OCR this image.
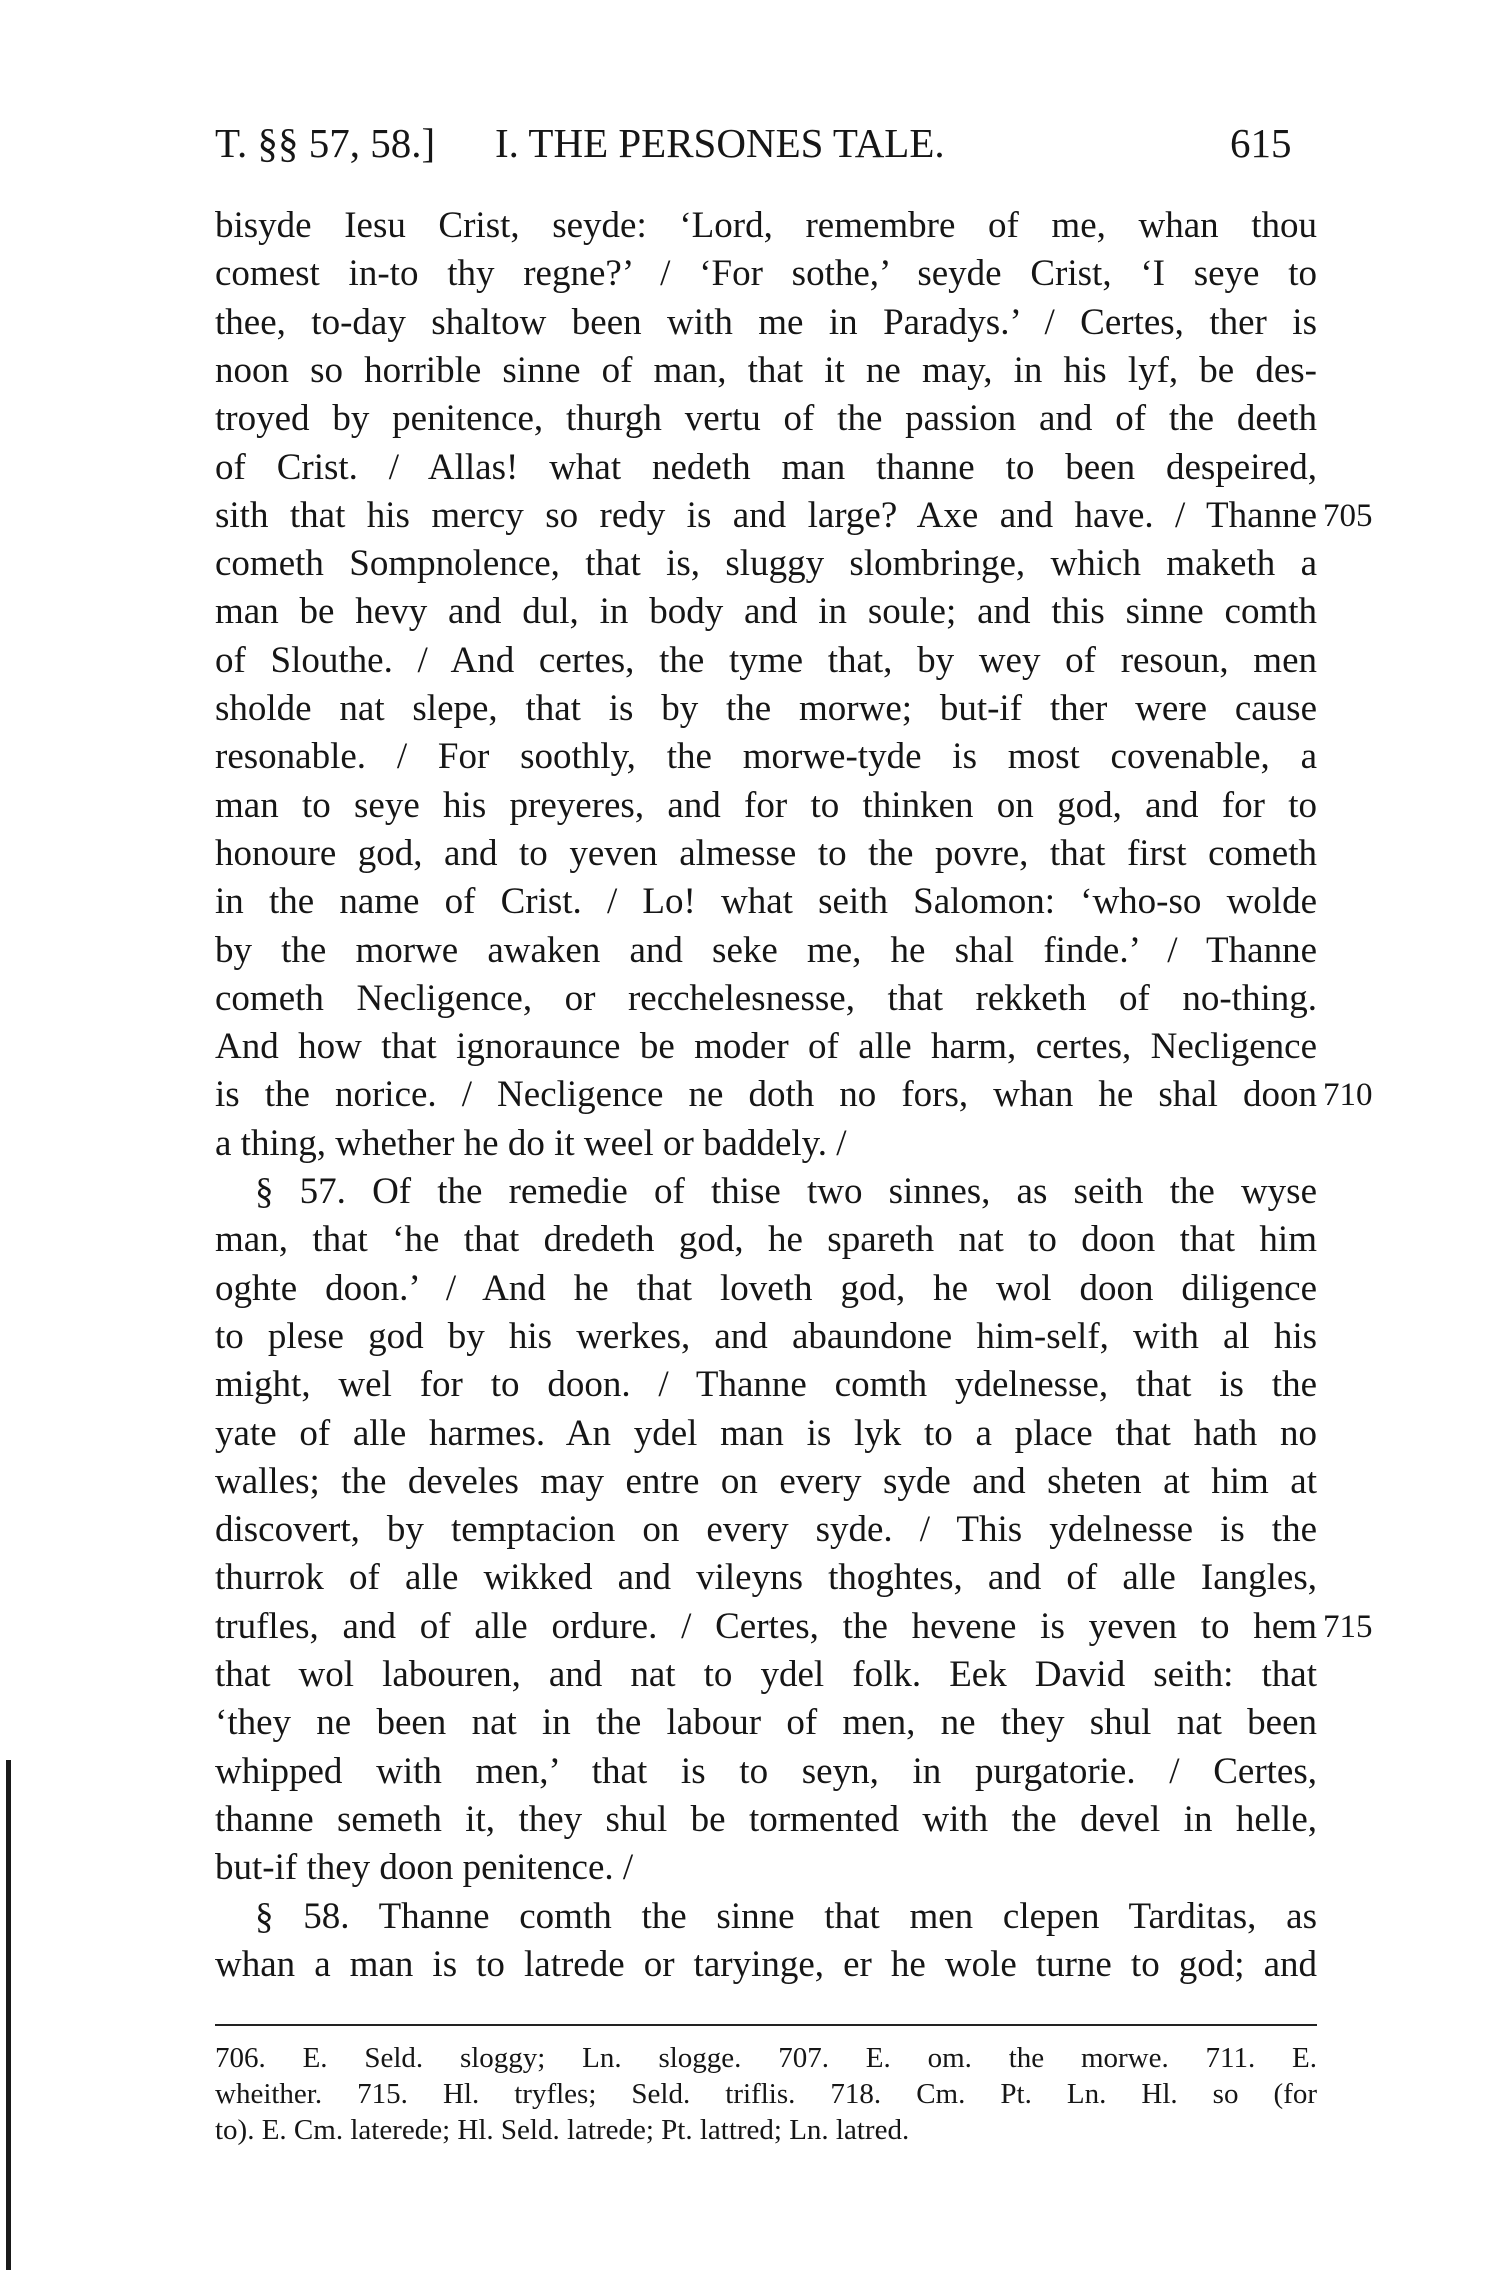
T. §§ 57, 58.] I. THE PERSONES TALE.	615
bisyde Iesu Crist, seyde: ‘Lord, remembre of me, whan thou
comest in-to thy regne?’ / ‘For sothe,’ seyde Crist, ‘I seye to
thee, to-day shaltow been with me in Paradys.’ / Certes, ther is
noon so horrible sinne of man, that it ne may, in his lyf, be des-
troyed by penitence, thurgh vertu of the passion and of the deeth
of Crist. / Allas! what nedeth man thanne to been despeired,
sith that his mercy so redy is and large? Axe and have. / Thanne 705
cometh Sompnolence, that is, sluggy slombringe, which maketh a
man be hevy and dul, in body and in soule; and this sinne comth
of Slouthe. / And certes, the tyme that, by wey of resoun, men
sholde nat slepe, that is by the morwe; but-if ther were cause
resonable. / For soothly, the morwe-tyde is most covenable, a
man to seye his preyeres, and for to thinken on god, and for to
honoure god, and to yeven almesse to the povre, that first cometh
in the name of Crist. / Lo! what seith Salomon: ‘who-so wolde
by the morwe awaken and seke me, he shal finde.’ / Thanne
cometh Necligence, or recchelesnesse, that rekketh of no-thing.
And how that ignoraunce be moder of alle harm, certes, Necligence
is the norice. / Necligence ne doth no fors, whan he shal doon 710
a thing, whether he do it weel or baddely. /
§ 57. Of the remedie of thise two sinnes, as seith the wyse
man, that ‘he that dredeth god, he spareth nat to doon that him
oghte doon.’ / And he that loveth god, he wol doon diligence
to plese god by his werkes, and abaundone him-self, with al his
might, wel for to doon. / Thanne comth ydelnesse, that is the
yate of alle harmes. An ydel man is lyk to a place that hath no
walles; the develes may entre on every syde and sheten at him at
discovert, by temptacion on every syde. / This ydelnesse is the
thurrok of alle wikked and vileyns thoghtes, and of alle Iangles,
trufles, and of alle ordure. / Certes, the hevene is yeven to hem 715
that wol labouren, and nat to ydel folk. Eek David seith: that
‘they ne been nat in the labour of men, ne they shul nat been
whipped with men,’ that is to seyn, in purgatorie. / Certes,
thanne semeth it, they shul be tormented with the devel in helle,
but-if they doon penitence. /
§ 58. Thanne comth the sinne that men clepen Tarditas, as
whan a man is to latrede or taryinge, er he wole turne to god; and
706. E. Seld. sloggy; Ln. slogge. 707. E. om. the morwe. 711. E.
wheither. 715. Hl. tryfles; Seld. triflis. 718. Cm. Pt. Ln. Hl. so (for
to). E. Cm. laterede; Hl. Seld. latrede; Pt. lattred; Ln. latred.
